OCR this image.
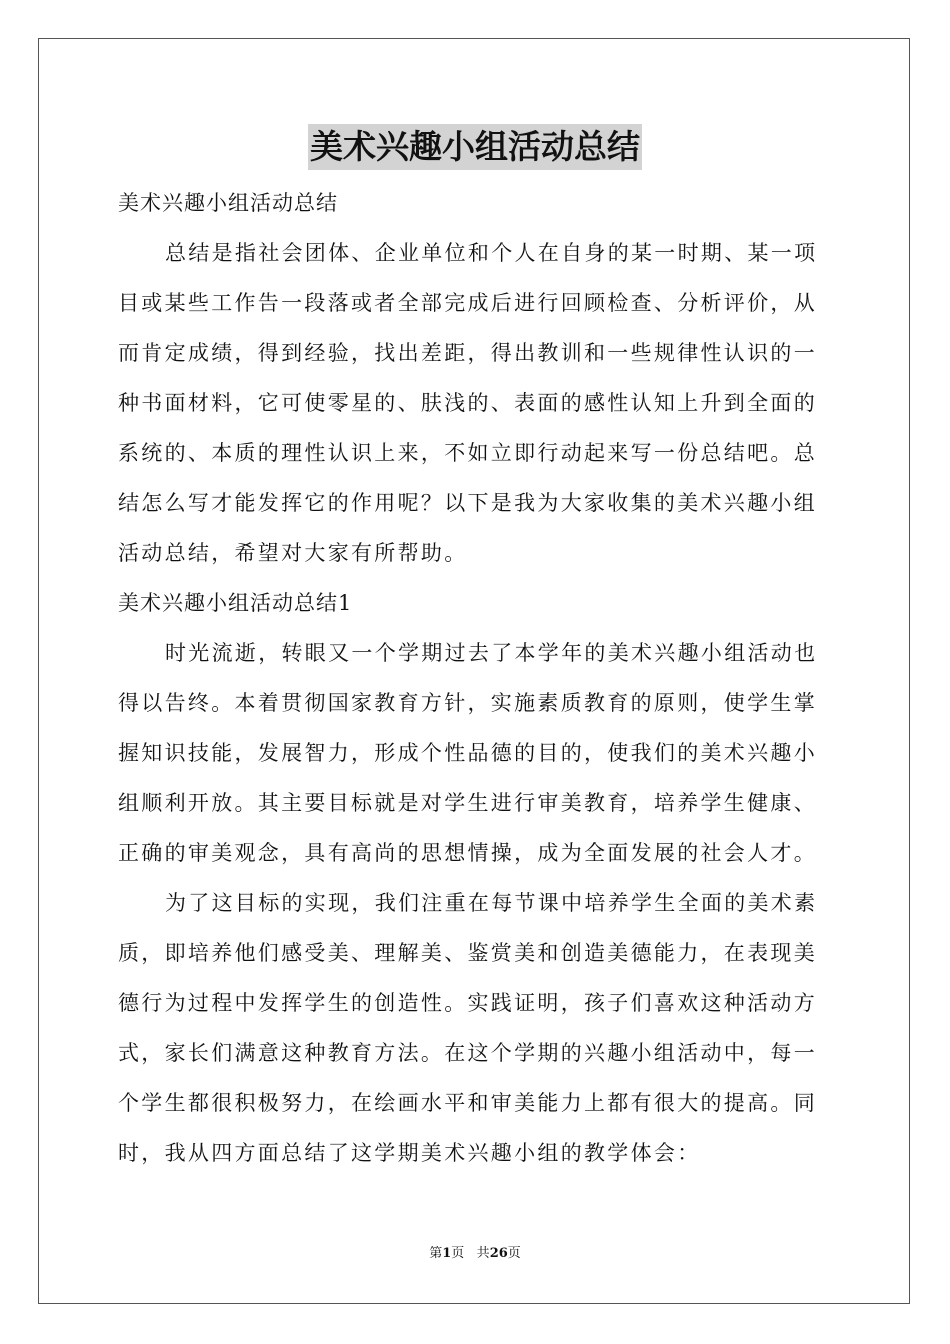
美术兴趣小组活动总结
美术兴趣小组活动总结
总结是指社会团体、企业单位和个人在自身的某一时期、某一项
目或某些工作告一段落或者全部完成后进行回顾检查、分析评价，从
而肯定成绩，得到经验，找出差距，得出教训和一些规律性认识的一
种书面材料，它可使零星的、肤浅的、表面的感性认知上升到全面的
系统的、本质的理性认识上来，不如立即行动起来写一份总结吧。总
结怎么写才能发挥它的作用呢？以下是我为大家收集的美术兴趣小组
活动总结，希望对大家有所帮助。
美术兴趣小组活动总结1
时光流逝，转眼又一个学期过去了本学年的美术兴趣小组活动也
得以告终。本着贯彻国家教育方针，实施素质教育的原则，使学生掌
握知识技能，发展智力，形成个性品德的目的，使我们的美术兴趣小
组顺利开放。其主要目标就是对学生进行审美教育，培养学生健康、
正确的审美观念，具有高尚的思想情操，成为全面发展的社会人才。
为了这目标的实现，我们注重在每节课中培养学生全面的美术素
质，即培养他们感受美、理解美、鉴赏美和创造美德能力，在表现美
德行为过程中发挥学生的创造性。实践证明，孩子们喜欢这种活动方
式，家长们满意这种教育方法。在这个学期的兴趣小组活动中，每一
个学生都很积极努力，在绘画水平和审美能力上都有很大的提高。同
时，我从四方面总结了这学期美术兴趣小组的教学体会：
第1页 共26页
